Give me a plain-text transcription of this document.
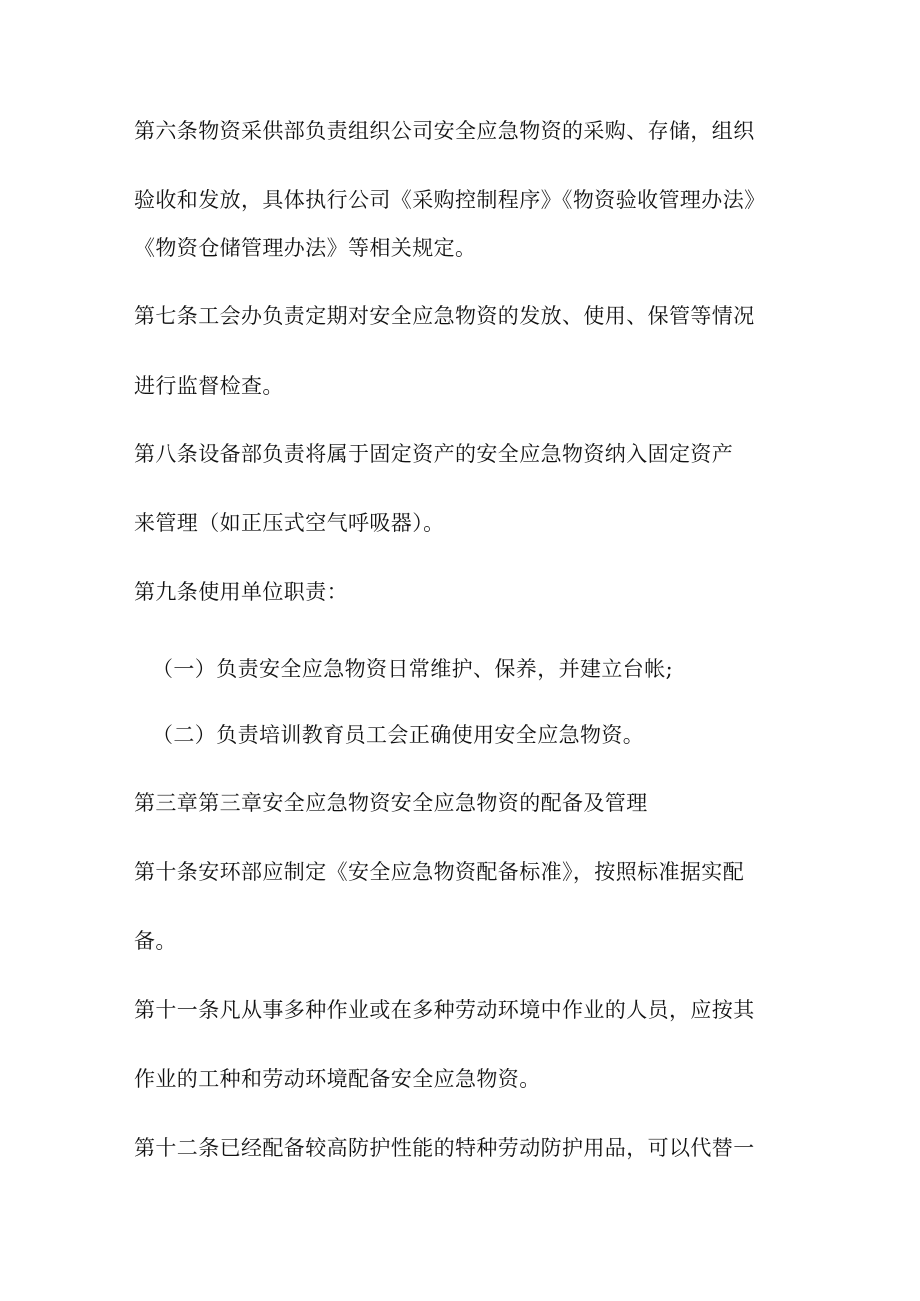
第六条物资采供部负责组织公司安全应急物资的采购、存储，组织
验收和发放，具体执行公司《采购控制程序》《物资验收管理办法》
《物资仓储管理办法》等相关规定。
第七条工会办负责定期对安全应急物资的发放、使用、保管等情况
进行监督检查。
第八条设备部负责将属于固定资产的安全应急物资纳入固定资产
来管理（如正压式空气呼吸器）。
第九条使用单位职责：
（一）负责安全应急物资日常维护、保养，并建立台帐;
（二）负责培训教育员工会正确使用安全应急物资。
第三章第三章安全应急物资安全应急物资的配备及管理
第十条安环部应制定《安全应急物资配备标准》，按照标准据实配
备。
第十一条凡从事多种作业或在多种劳动环境中作业的人员，应按其
作业的工种和劳动环境配备安全应急物资。
第十二条已经配备较高防护性能的特种劳动防护用品，可以代替一
